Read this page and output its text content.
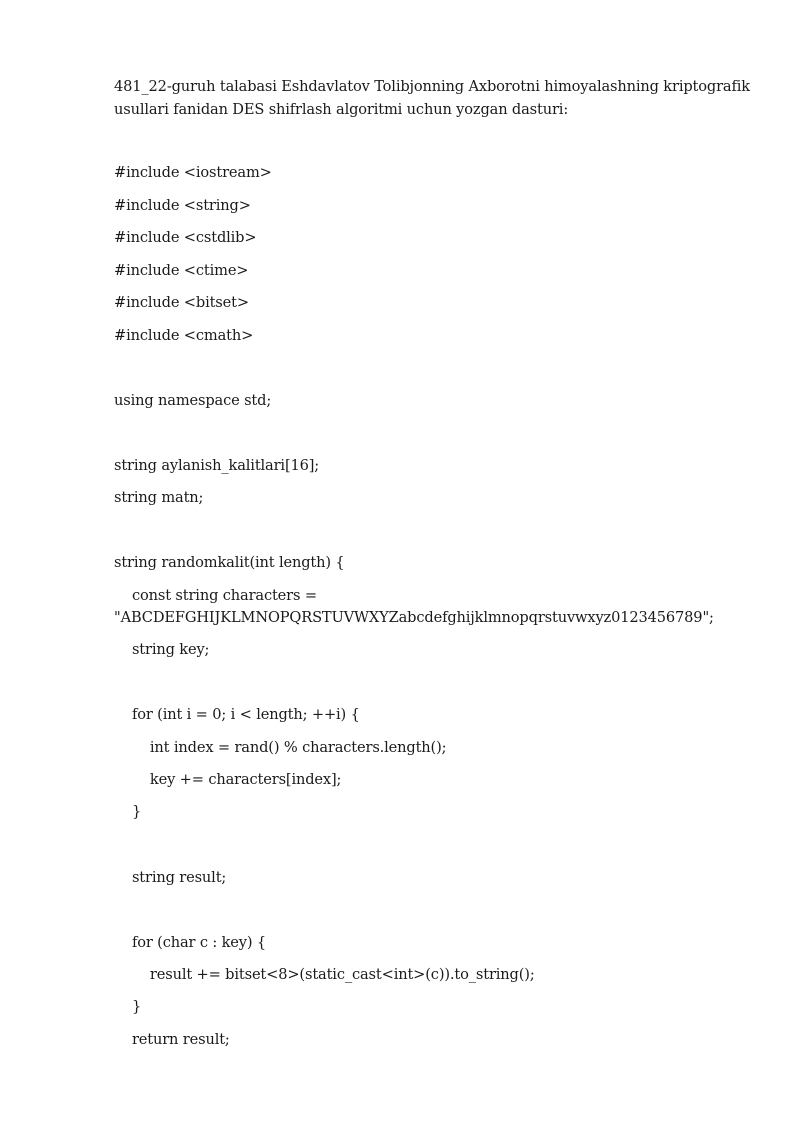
481_22-guruh talabasi Eshdavlatov Tolibjonning Axborotni himoyalashning kriptografik usullari fanidan DES shifrlash algoritmi uchun yozgan dasturi:

#include <iostream>
#include <string>
#include <cstdlib>
#include <ctime>
#include <bitset>
#include <cmath>
using namespace std;
string aylanish_kalitlari[16];
string matn;
string randomkalit(int length) {
const string characters = "ABCDEFGHIJKLMNOPQRSTUVWXYZabcdefghijklmnopqrstuvwxyz0123456789";
string key;
for (int i = 0; i < length; ++i) {
int index = rand() % characters.length();
key += characters[index];
}
string result;
for (char c : key) {
result += bitset<8>(static_cast<int>(c)).to_string();
}
return result;
